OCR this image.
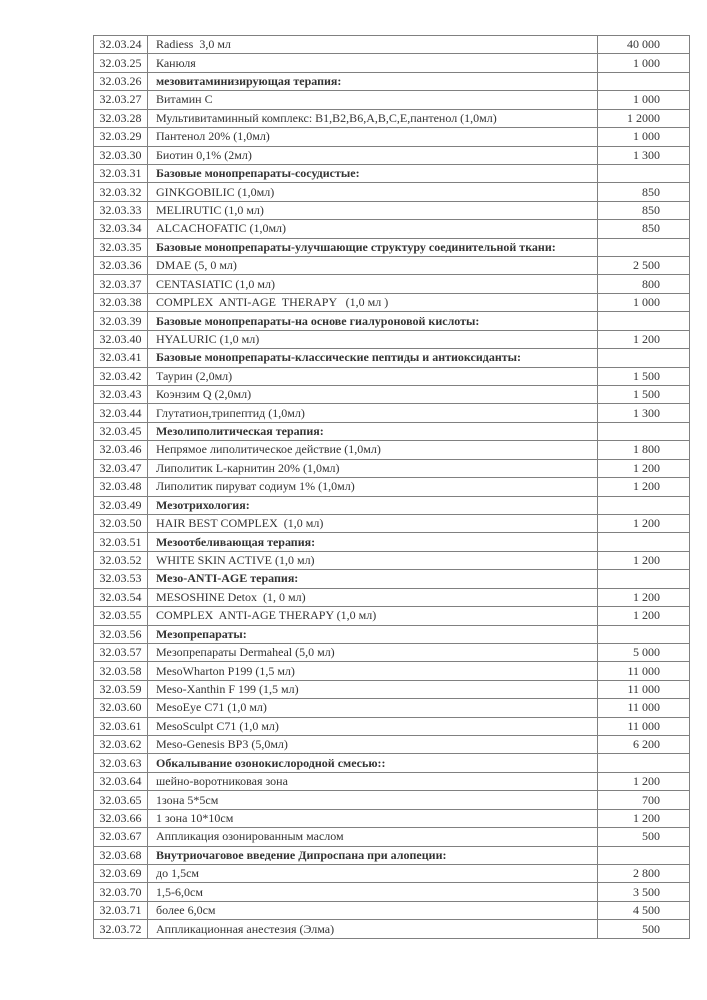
32.03.24	Radiess  3,0 мл	40 000
32.03.25	Канюля	1 000
32.03.26	мезовитаминизирующая терапия:	
32.03.27	Витамин С	1 000
32.03.28	Мультивитаминный комплекс: В1,В2,В6,А,В,С,Е,пантенол (1,0мл)	1 2000
32.03.29	Пантенол 20% (1,0мл)	1 000
32.03.30	Биотин 0,1% (2мл)	1 300
32.03.31	Базовые монопрепараты-сосудистые:	
32.03.32	GINKGOBILIC (1,0мл)	850
32.03.33	MELIRUTIC (1,0 мл)	850
32.03.34	ALCACHOFATIC (1,0мл)	850
32.03.35	Базовые монопрепараты-улучшающие структуру соединительной ткани:	
32.03.36	DMAE (5, 0 мл)	2 500
32.03.37	CENTASIATIC (1,0 мл)	800
32.03.38	COMPLEX  ANTI-AGE  THERAPY   (1,0 мл )	1 000
32.03.39	Базовые монопрепараты-на основе гиалуроновой кислоты:	
32.03.40	HYALURIC (1,0 мл)	1 200
32.03.41	Базовые монопрепараты-классические пептиды и антиоксиданты:	
32.03.42	Таурин (2,0мл)	1 500
32.03.43	Коэнзим Q (2,0мл)	1 500
32.03.44	Глутатион,трипептид (1,0мл)	1 300
32.03.45	Мезолиполитическая терапия:	
32.03.46	Непрямое липолитическое действие (1,0мл)	1 800
32.03.47	Липолитик L-карнитин 20% (1,0мл)	1 200
32.03.48	Липолитик пируват содиум 1% (1,0мл)	1 200
32.03.49	Мезотрихология:	
32.03.50	HAIR BEST COMPLEX  (1,0 мл)	1 200
32.03.51	Мезоотбеливающая терапия:	
32.03.52	WHITE SKIN ACTIVE (1,0 мл)	1 200
32.03.53	Мезо-ANTI-AGE терапия:	
32.03.54	MESOSHINE Detox  (1, 0 мл)	1 200
32.03.55	COMPLEX  ANTI-AGE THERAPY (1,0 мл)	1 200
32.03.56	Мезопрепараты:	
32.03.57	Мезопрепараты Dermaheal (5,0 мл)	5 000
32.03.58	MesoWharton P199 (1,5 мл)	11 000
32.03.59	Meso-Xanthin F 199 (1,5 мл)	11 000
32.03.60	MesoEye C71 (1,0 мл)	11 000
32.03.61	MesoSculpt C71 (1,0 мл)	11 000
32.03.62	Meso-Genesis BP3 (5,0мл)	6 200
32.03.63	Обкалывание озонокислородной смесью::	
32.03.64	шейно-воротниковая зона	1 200
32.03.65	1зона 5*5см	700
32.03.66	1 зона 10*10см	1 200
32.03.67	Аппликация озонированным маслом	500
32.03.68	Внутриочаговое введение Дипроспана при алопеции:	
32.03.69	до 1,5см	2 800
32.03.70	1,5-6,0см	3 500
32.03.71	более 6,0см	4 500
32.03.72	Аппликационная анестезия (Элма)	500
